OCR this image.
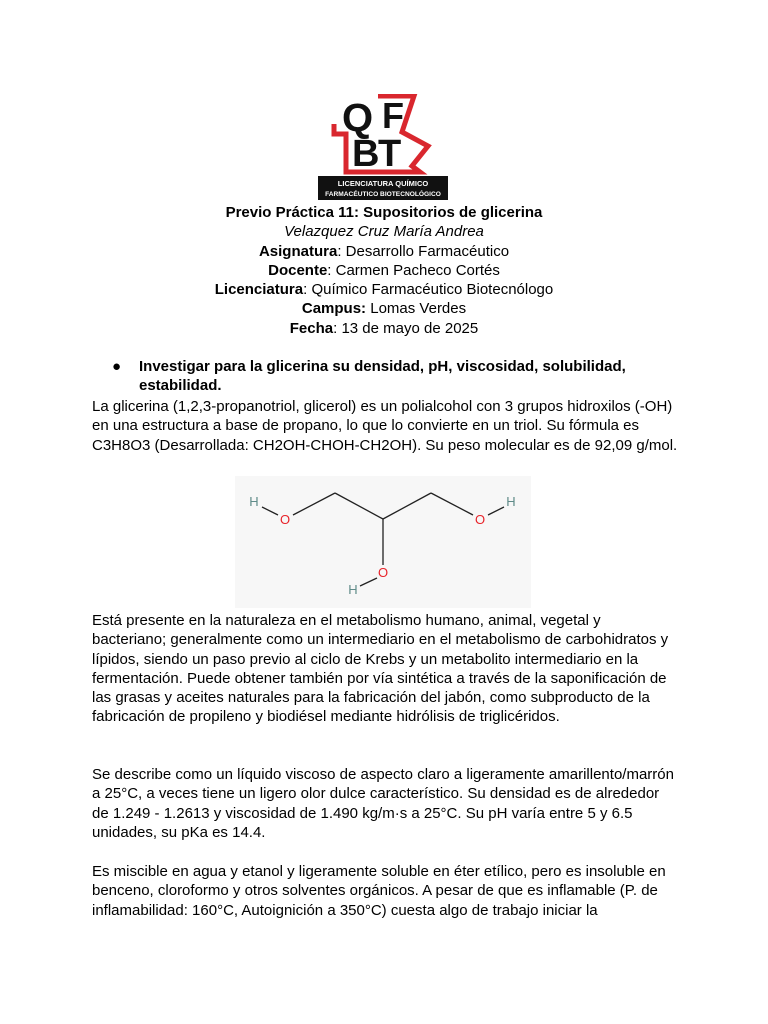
Q F
B
T
LICENCIATURA QUÍMICO
FARMACÉUTICO BIOTECNOLÓGICO
Previo Práctica 11: Supositorios de glicerina
Velazquez Cruz María Andrea
Asignatura: Desarrollo Farmacéutico
Docente: Carmen Pacheco Cortés
Licenciatura: Químico Farmacéutico Biotecnólogo
Campus: Lomas Verdes
Fecha: 13 de mayo de 2025
●	Investigar para la glicerina su densidad, pH, viscosidad, solubilidad, estabilidad.

La glicerina (1,2,3-propanotriol, glicerol) es un polialcohol con 3 grupos hidroxilos (-OH) en una estructura a base de propano, lo que lo convierte en un triol. Su fórmula es C3H8O3 (Desarrollada: CH2OH-CHOH-CH2OH). Su peso molecular es de 92,09 g/mol.

H
O	O
H
O
H

Está presente en la naturaleza en el metabolismo humano, animal, vegetal y bacteriano; generalmente como un intermediario en el metabolismo de carbohidratos y lípidos, siendo un paso previo al ciclo de Krebs y un metabolito intermediario en la fermentación. Puede obtener también por vía sintética a través de la saponificación de las grasas y aceites naturales para la fabricación del jabón, como subproducto de la fabricación de propileno y biodiésel mediante hidrólisis de triglicéridos.

Se describe como un líquido viscoso de aspecto claro a ligeramente amarillento/marrón a 25°C, a veces tiene un ligero olor dulce característico. Su densidad es de alrededor de 1.249 - 1.2613 y viscosidad de 1.490 kg/m·s a 25°C. Su pH varía entre 5 y 6.5 unidades, su pKa es 14.4.

Es miscible en agua y etanol y ligeramente soluble en éter etílico, pero es insoluble en benceno, cloroformo y otros solventes orgánicos. A pesar de que es inflamable (P. de inflamabilidad: 160°C, Autoignición a 350°C) cuesta algo de trabajo iniciar la
